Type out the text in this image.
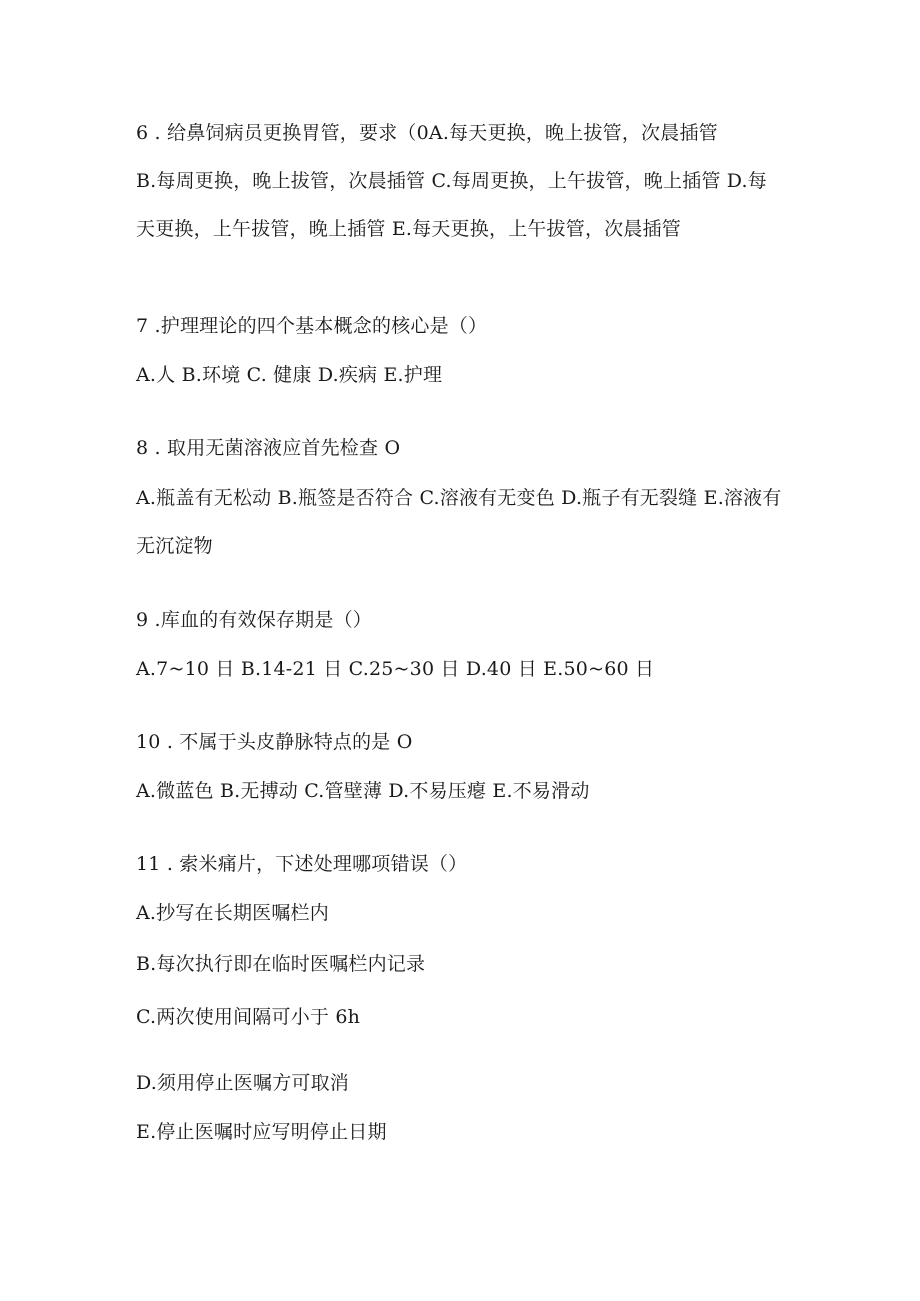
6 . 给鼻饲病员更换胃管，要求（0A.每天更换，晚上拔管，次晨插管
B.每周更换，晚上拔管，次晨插管 C.每周更换，上午拔管，晚上插管 D.每
天更换，上午拔管，晚上插管 E.每天更换，上午拔管，次晨插管
7 .护理理论的四个基本概念的核心是（）
A.人 B.环境 C. 健康 D.疾病 E.护理
8 . 取用无菌溶液应首先检查 O
A.瓶盖有无松动 B.瓶签是否符合 C.溶液有无变色 D.瓶子有无裂缝 E.溶液有
无沉淀物
9 .库血的有效保存期是（）
A.7~10 日 B.14-21 日 C.25~30 日 D.40 日 E.50~60 日
10 . 不属于头皮静脉特点的是 O
A.微蓝色 B.无搏动 C.管壁薄 D.不易压瘪 E.不易滑动
11 . 索米痛片，下述处理哪项错误（）
A.抄写在长期医嘱栏内
B.每次执行即在临时医嘱栏内记录
C.两次使用间隔可小于 6h
D.须用停止医嘱方可取消
E.停止医嘱时应写明停止日期
